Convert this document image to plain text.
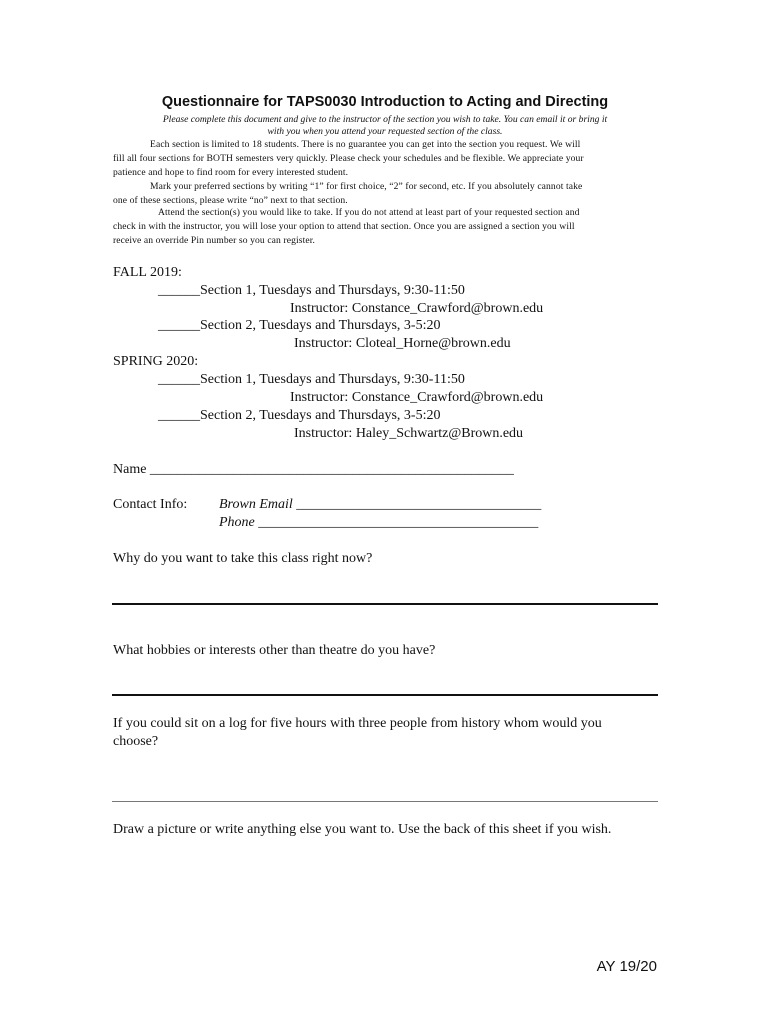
Questionnaire for TAPS0030 Introduction to Acting and Directing
Please complete this document and give to the instructor of the section you wish to take. You can email it or bring it
with you when you attend your requested section of the class.
Each section is limited to 18 students. There is no guarantee you can get into the section you request. We will
fill all four sections for BOTH semesters very quickly. Please check your schedules and be flexible. We appreciate your
patience and hope to find room for every interested student.
Mark your preferred sections by writing “1” for first choice, “2” for second, etc. If you absolutely cannot take
one of these sections, please write “no” next to that section.
Attend the section(s) you would like to take. If you do not attend at least part of your requested section and
check in with the instructor, you will lose your option to attend that section. Once you are assigned a section you will
receive an override Pin number so you can register.
FALL 2019:
______Section 1, Tuesdays and Thursdays, 9:30-11:50
Instructor: Constance_Crawford@brown.edu
______Section 2, Tuesdays and Thursdays, 3-5:20
Instructor: Cloteal_Horne@brown.edu
SPRING 2020:
______Section 1, Tuesdays and Thursdays, 9:30-11:50
Instructor: Constance_Crawford@brown.edu
______Section 2, Tuesdays and Thursdays, 3-5:20
Instructor: Haley_Schwartz@Brown.edu
Name ____________________________________________________
Contact Info: Brown Email ___________________________________
Phone ________________________________________
Why do you want to take this class right now?
What hobbies or interests other than theatre do you have?
If you could sit on a log for five hours with three people from history whom would you
choose?
Draw a picture or write anything else you want to. Use the back of this sheet if you wish.
AY 19/20
